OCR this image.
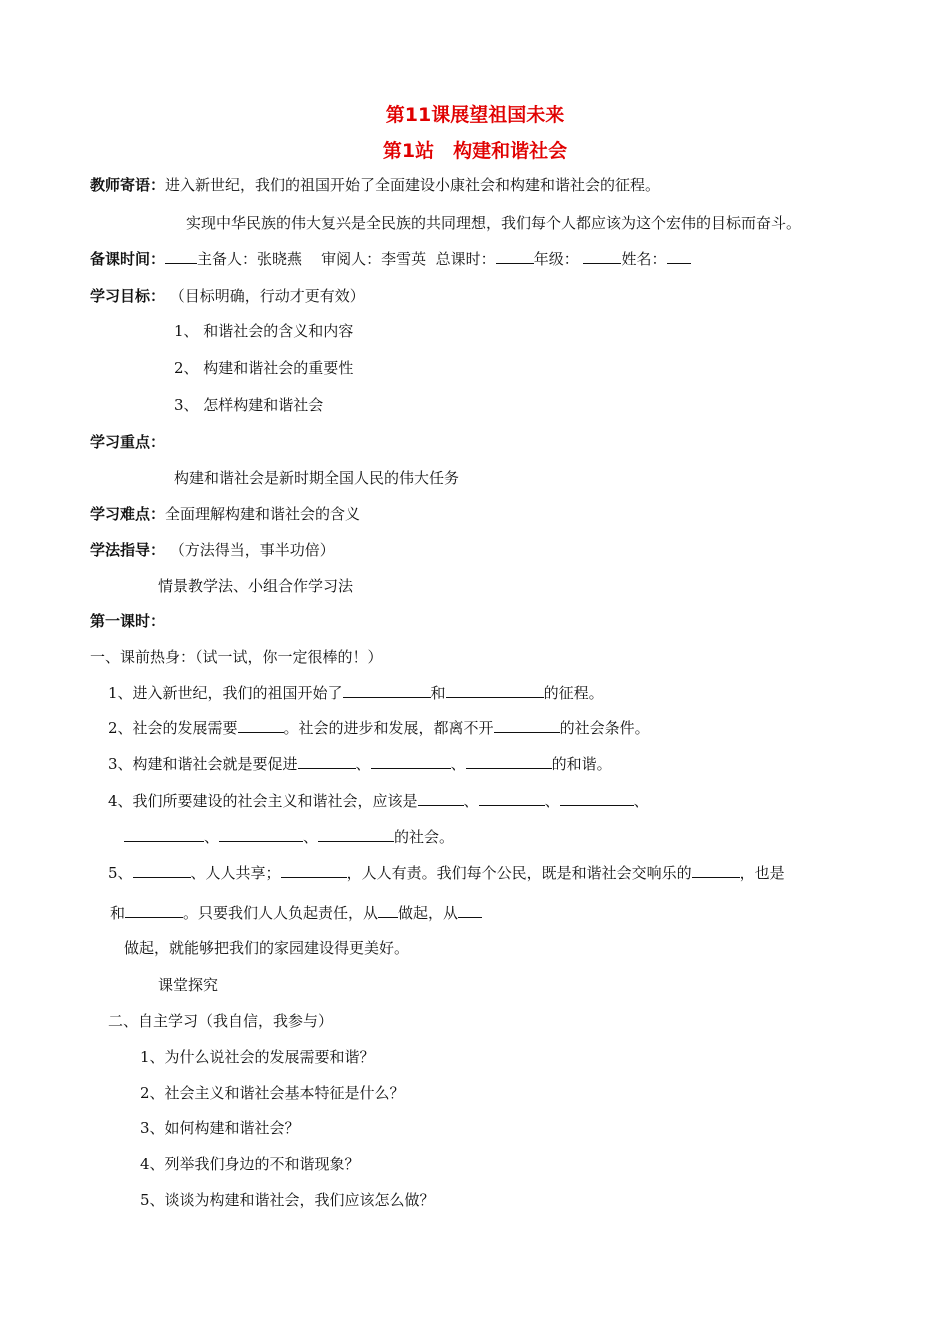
第11课展望祖国未来
第1站　构建和谐社会
教师寄语：进入新世纪，我们的祖国开始了全面建设小康社会和构建和谐社会的征程。
实现中华民族的伟大复兴是全民族的共同理想，我们每个人都应该为这个宏伟的目标而奋斗。
备课时间： 主备人：张晓燕 审阅人：李雪英 总课时：	年级：	姓名：
学习目标： （目标明确，行动才更有效）
1、 和谐社会的含义和内容
2、 构建和谐社会的重要性
3、 怎样构建和谐社会
学习重点：
构建和谐社会是新时期全国人民的伟大任务
学习难点：全面理解构建和谐社会的含义
学法指导： （方法得当，事半功倍）
情景教学法、小组合作学习法
第一课时：
一、课前热身：（试一试，你一定很棒的！）
1、进入新世纪，我们的祖国开始了	和	的征程。
2、社会的发展需要	。社会的进步和发展，都离不开	的社会条件。
3、构建和谐社会就是要促进	、	、	的和谐。
4、我们所要建设的社会主义和谐社会，应该是	、	、	、
、	、	的社会。
5、	、人人共享；	，人人有责。我们每个公民，既是和谐社会交响乐的	，也是
和	。只要我们人人负起责任，从 做起，从
做起，就能够把我们的家园建设得更美好。
课堂探究
二、自主学习（我自信，我参与）
1、为什么说社会的发展需要和谐？
2、社会主义和谐社会基本特征是什么？
3、如何构建和谐社会？
4、列举我们身边的不和谐现象？
5、谈谈为构建和谐社会，我们应该怎么做？
